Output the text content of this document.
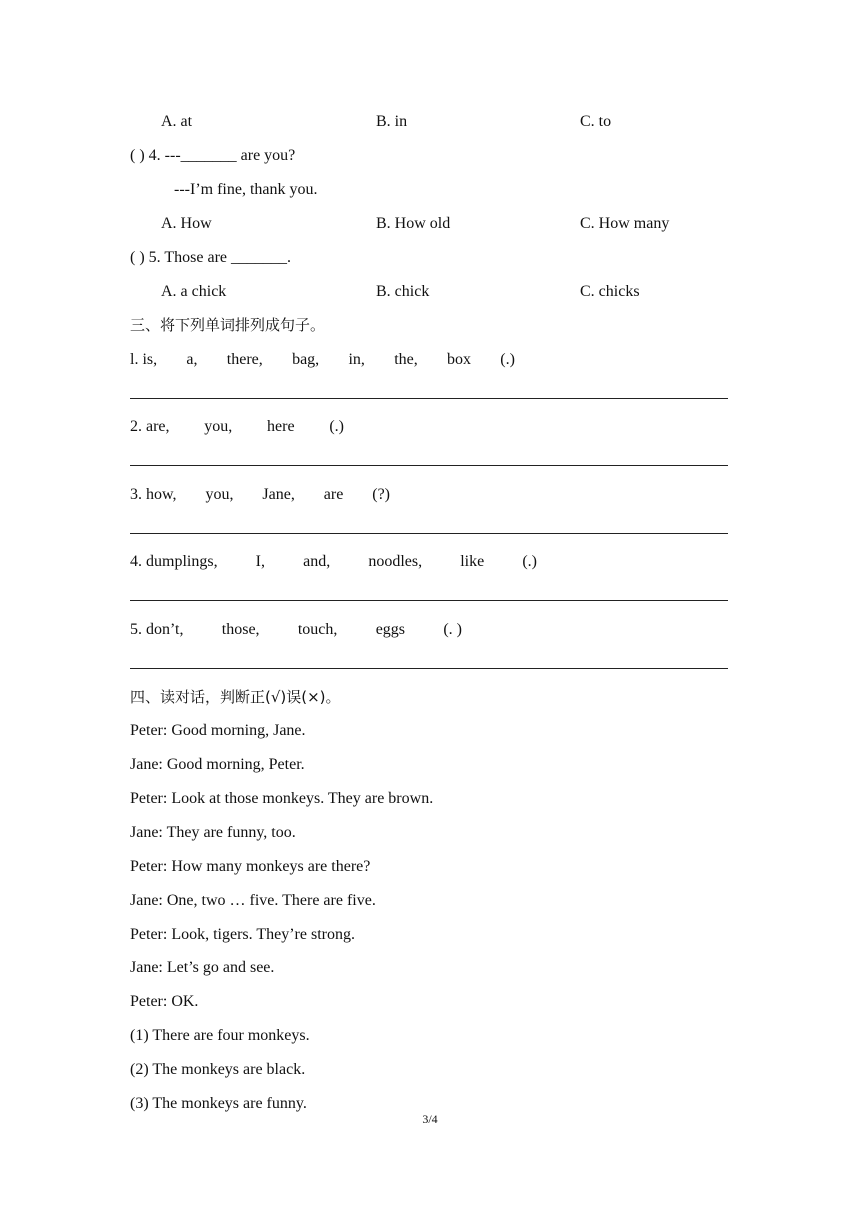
A. at	B. in	C. to
( ) 4. ---_______ are you?
---I’m fine, thank you.
A. How	B. How old	C. How many
( ) 5. Those are _______.
A. a chick	B. chick	C. chicks
三、将下列单词排列成句子。
l. is, a, there, bag, in, the, box (.)
2. are, you, here (.)
3. how, you, Jane, are (?)
4. dumplings, I, and, noodles, like (.)
5. don’t, those, touch, eggs (. )
四、读对话，判断正(√)误(×)。
Peter: Good morning, Jane.
Jane: Good morning, Peter.
Peter: Look at those monkeys. They are brown.
Jane: They are funny, too.
Peter: How many monkeys are there?
Jane: One, two … five. There are five.
Peter: Look, tigers. They’re strong.
Jane: Let’s go and see.
Peter: OK.
(1) There are four monkeys.
(2) The monkeys are black.
(3) The monkeys are funny.
3/4
